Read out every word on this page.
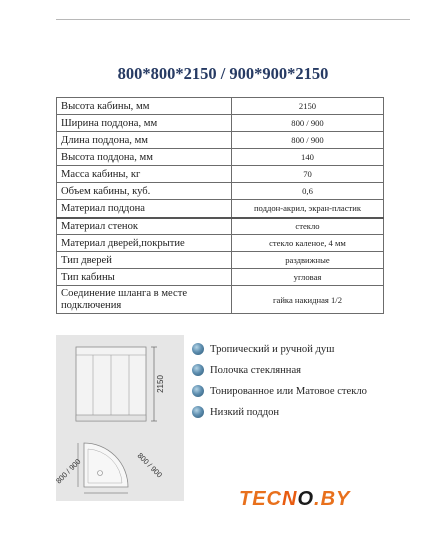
800*800*2150 / 900*900*2150
Высота кабины, мм	2150
Ширина поддона, мм	800 / 900
Длина поддона, мм	800 / 900
Высота поддона, мм	140
Масса кабины, кг	70
Объем кабины, куб.	0,6
Материал поддона	поддон-акрил, экран-пластик
Материал стенок	стекло
Материал дверей,покрытие	стекло каленое, 4 мм
Тип дверей	раздвижные
Тип кабины	угловая
Соединение шланга в месте подключения	гайка накидная 1/2
2150
800 / 900	800 / 900
Тропический и ручной душ
Полочка стеклянная
Тонированное или Матовое стекло
Низкий поддон
TECNO.BY
